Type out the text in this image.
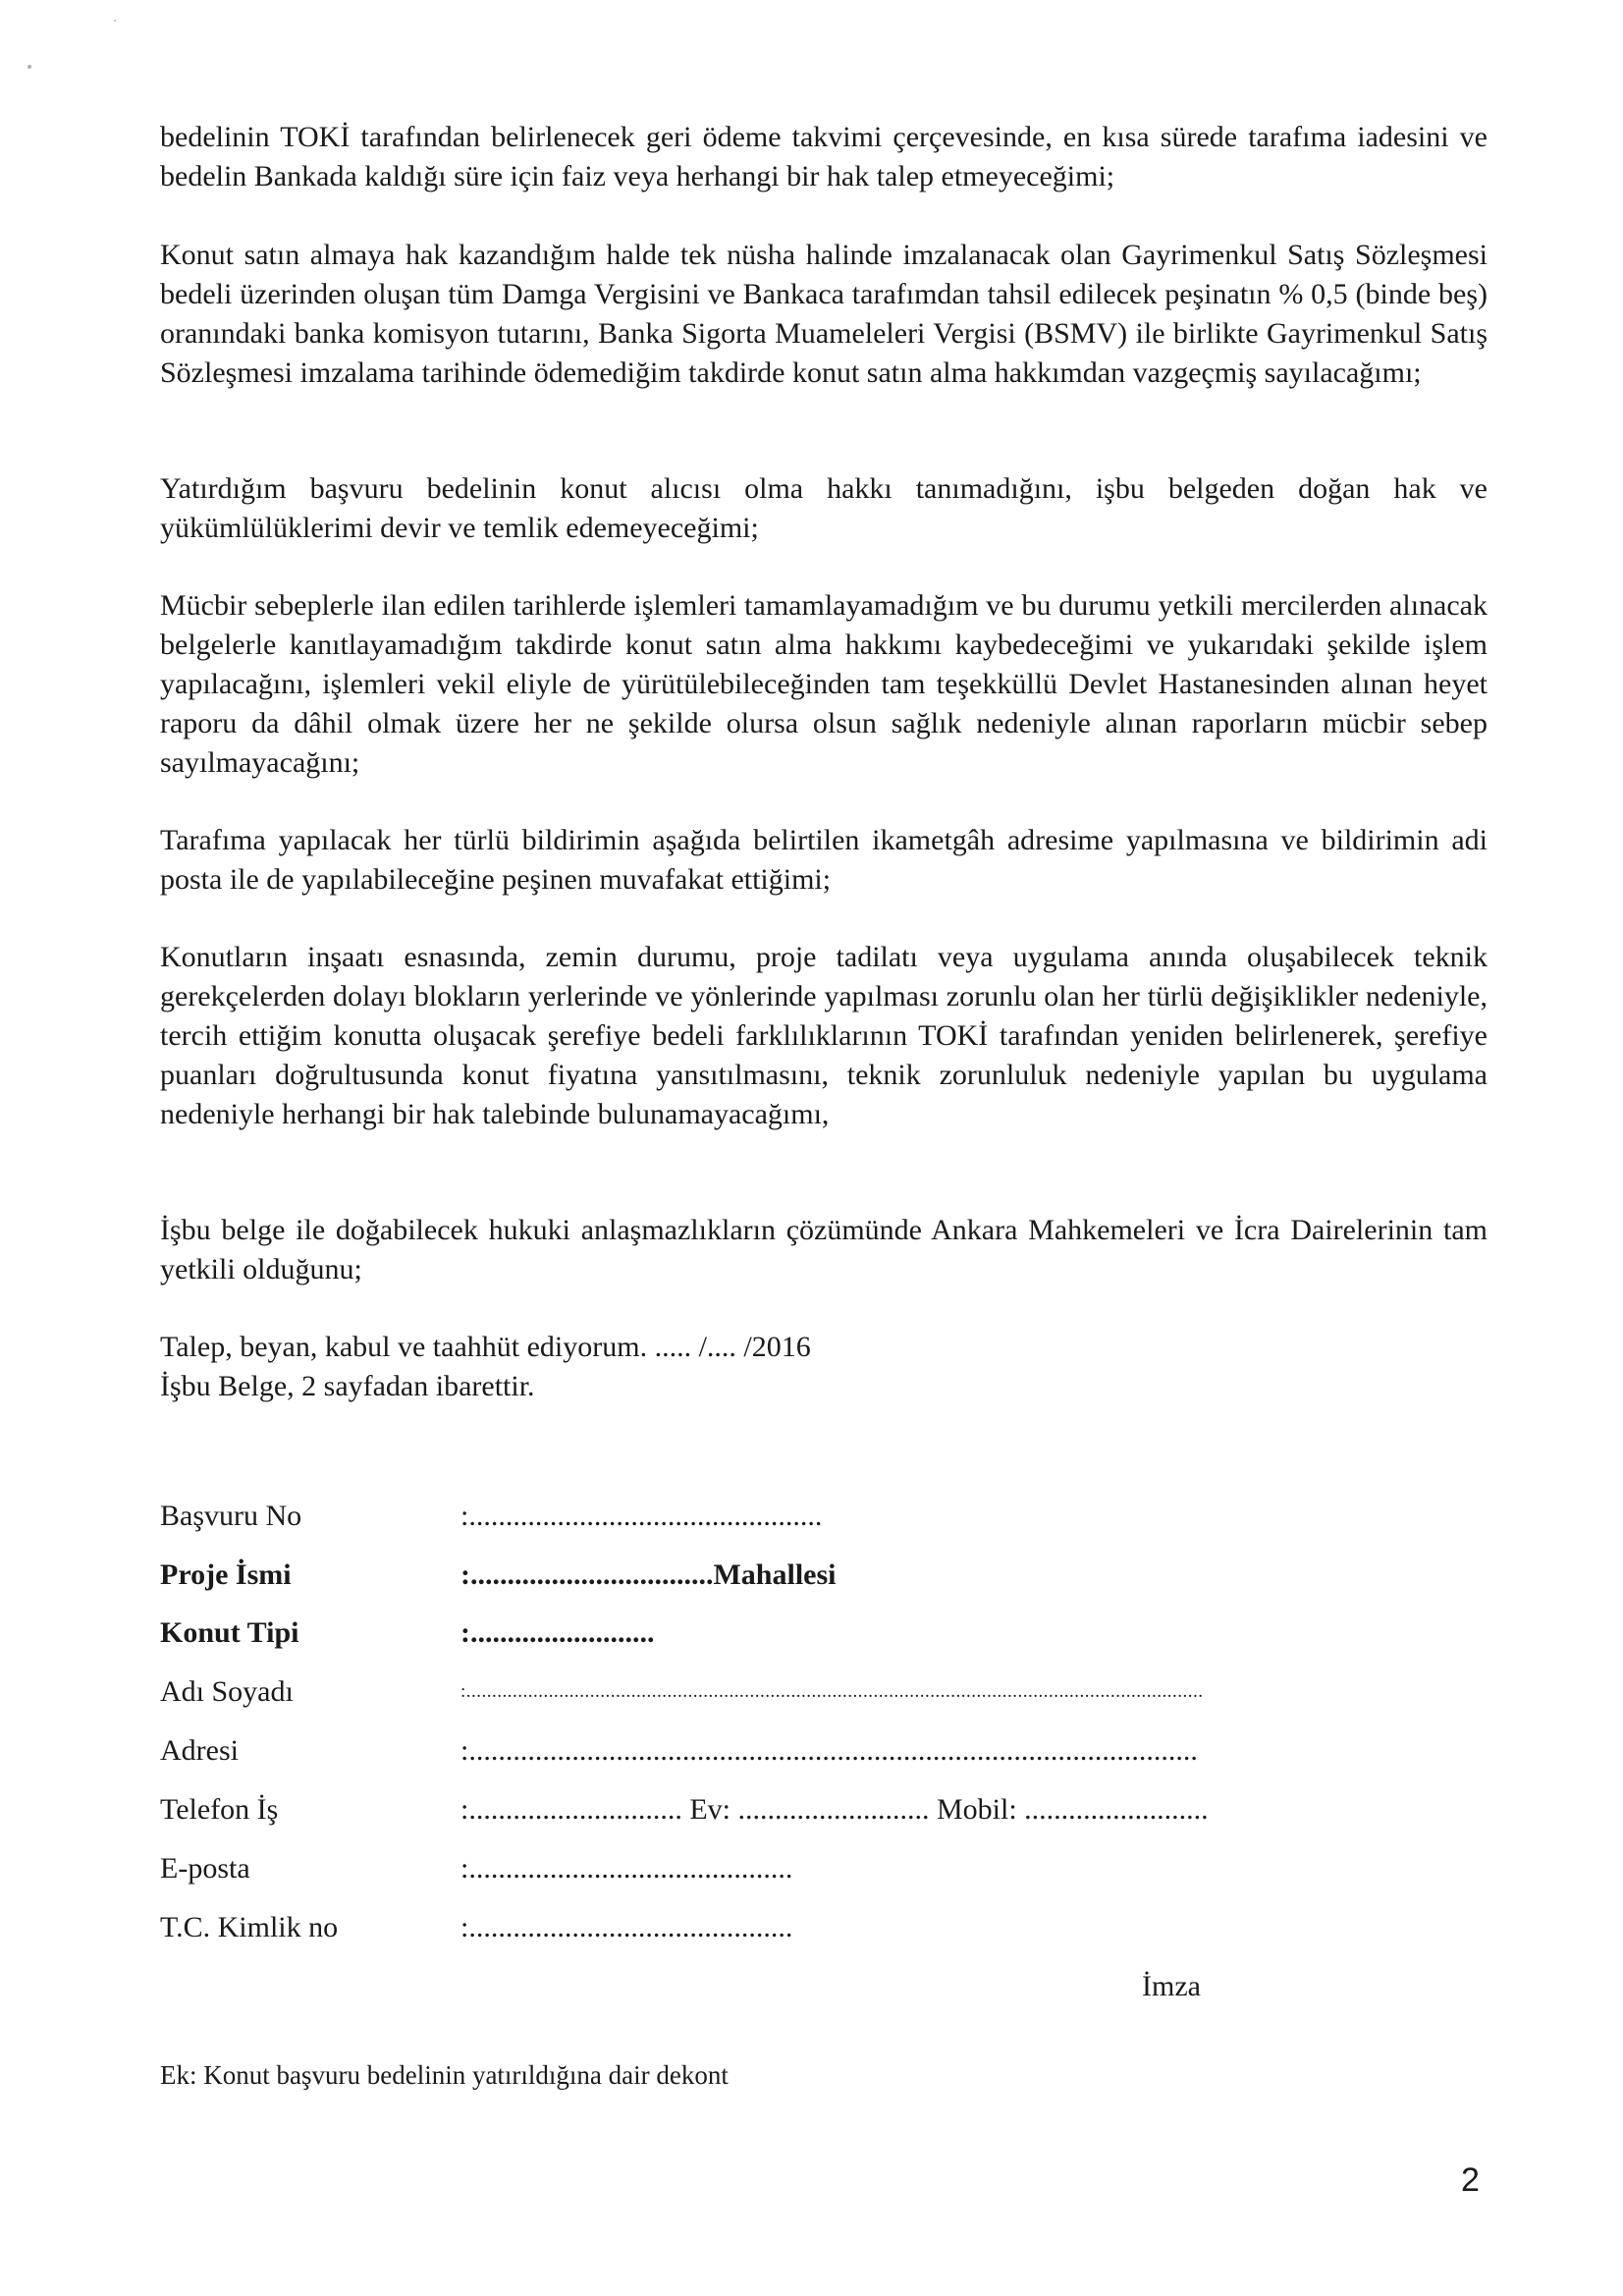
bedelinin TOKİ tarafından belirlenecek geri ödeme takvimi çerçevesinde, en kısa sürede tarafıma iadesini ve bedelin Bankada kaldığı süre için faiz veya herhangi bir hak talep etmeyeceğimi;

Konut satın almaya hak kazandığım halde tek nüsha halinde imzalanacak olan Gayrimenkul Satış Sözleşmesi bedeli üzerinden oluşan tüm Damga Vergisini ve Bankaca tarafımdan tahsil edilecek peşinatın % 0,5 (binde beş) oranındaki banka komisyon tutarını, Banka Sigorta Muameleleri Vergisi (BSMV) ile birlikte Gayrimenkul Satış Sözleşmesi imzalama tarihinde ödemediğim takdirde konut satın alma hakkımdan vazgeçmiş sayılacağımı;

Yatırdığım başvuru bedelinin konut alıcısı olma hakkı tanımadığını, işbu belgeden doğan hak ve yükümlülüklerimi devir ve temlik edemeyeceğimi;

Mücbir sebeplerle ilan edilen tarihlerde işlemleri tamamlayamadığım ve bu durumu yetkili mercilerden alınacak belgelerle kanıtlayamadığım takdirde konut satın alma hakkımı kaybedeceğimi ve yukarıdaki şekilde işlem yapılacağını, işlemleri vekil eliyle de yürütülebileceğinden tam teşekküllü Devlet Hastanesinden alınan heyet raporu da dâhil olmak üzere her ne şekilde olursa olsun sağlık nedeniyle alınan raporların mücbir sebep sayılmayacağını;

Tarafıma yapılacak her türlü bildirimin aşağıda belirtilen ikametgâh adresime yapılmasına ve bildirimin adi posta ile de yapılabileceğine peşinen muvafakat ettiğimi;

Konutların inşaatı esnasında, zemin durumu, proje tadilatı veya uygulama anında oluşabilecek teknik gerekçelerden dolayı blokların yerlerinde ve yönlerinde yapılması zorunlu olan her türlü değişiklikler nedeniyle, tercih ettiğim konutta oluşacak şerefiye bedeli farklılıklarının TOKİ tarafından yeniden belirlenerek, şerefiye puanları doğrultusunda konut fiyatına yansıtılmasını, teknik zorunluluk nedeniyle yapılan bu uygulama nedeniyle herhangi bir hak talebinde bulunamayacağımı,

İşbu belge ile doğabilecek hukuki anlaşmazlıkların çözümünde Ankara Mahkemeleri ve İcra Dairelerinin tam yetkili olduğunu;

Talep, beyan, kabul ve taahhüt ediyorum. ..... /.... /2016

İşbu Belge, 2 sayfadan ibarettir.

Başvuru No	:................................................
Proje İsmi	:.................................Mahallesi
Konut Tipi	:.........................
Adı Soyadı	:...............................................................................................................................................
Adresi	:...................................................................................................
Telefon İş	:............................. Ev: .......................... Mobil: .........................
E-posta	:............................................
T.C. Kimlik no	:............................................
İmza
Ek: Konut başvuru bedelinin yatırıldığına dair dekont
2
